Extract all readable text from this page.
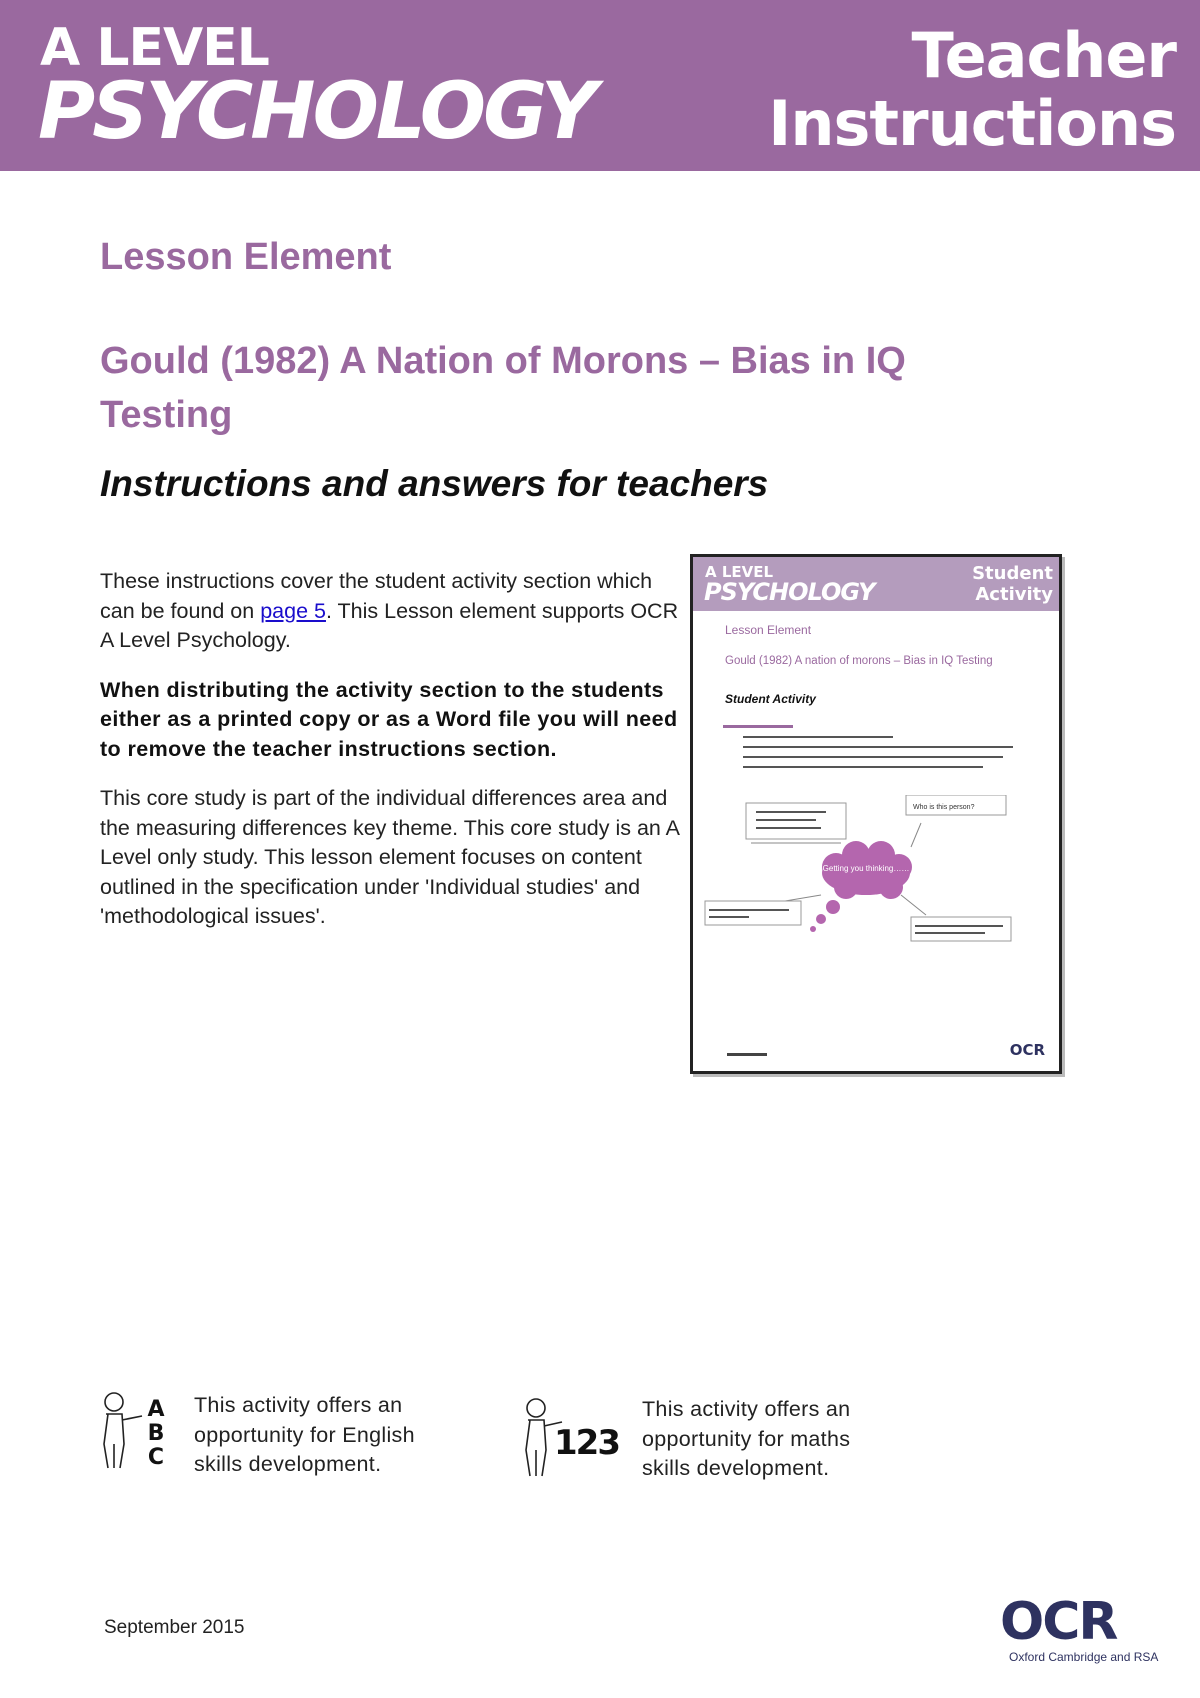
A LEVEL
PSYCHOLOGY
Teacher
Instructions
Lesson Element
Gould (1982) A Nation of Morons – Bias in IQ Testing
Instructions and answers for teachers

These instructions cover the student activity section which can be found on page 5. This Lesson element supports OCR A Level Psychology.

When distributing the activity section to the students either as a printed copy or as a Word file you will need to remove the teacher instructions section.

This core study is part of the individual differences area and the measuring differences key theme. This core study is an A Level only study. This lesson element focuses on content outlined in the specification under 'Individual studies' and 'methodological issues'.

A LEVEL
PSYCHOLOGY
Student
Activity
Lesson Element
Gould (1982) A nation of morons – Bias in IQ Testing
Student Activity
Who is this person?
Getting you thinking……
OCR
A
B
C
This activity offers an opportunity for English skills development.
123
This activity offers an opportunity for maths skills development.
September 2015	OCR
Oxford Cambridge and RSA
